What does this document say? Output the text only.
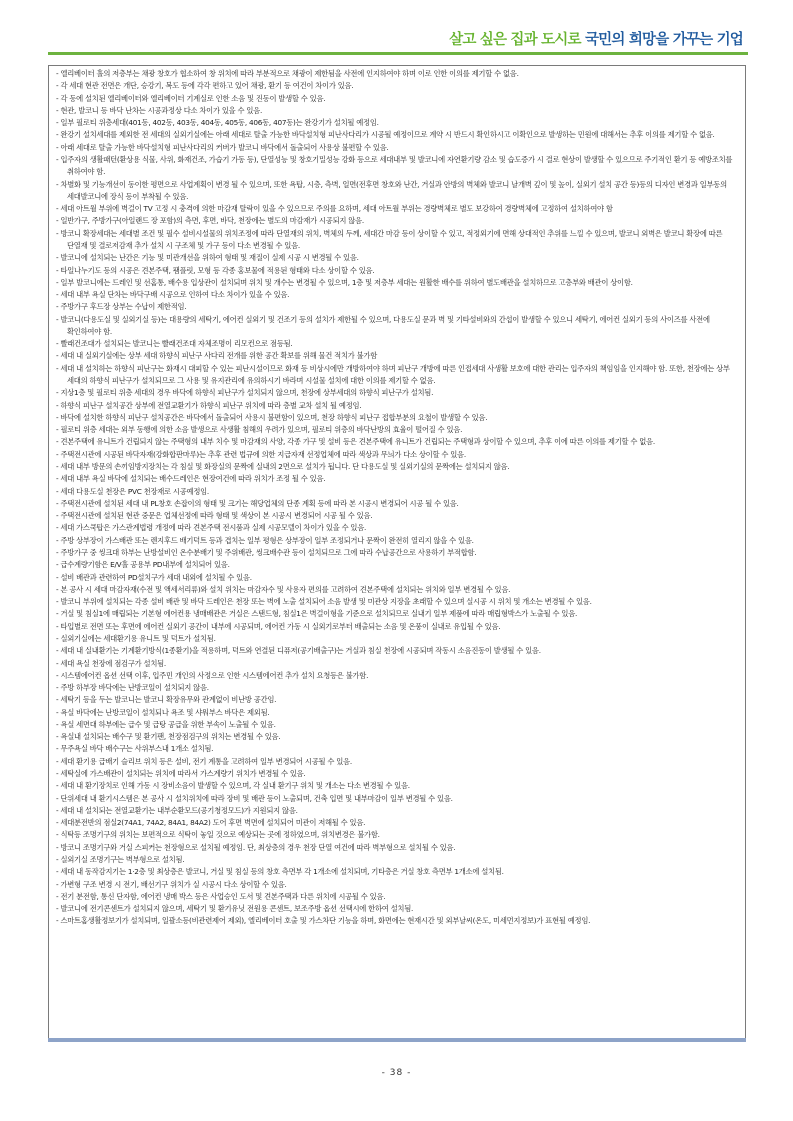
살고 싶은 집과 도시로 국민의 희망을 가꾸는 기업
- 엘리베이터 홀의 저층부는 채광 창호가 협소하여 창 위치에 따라 부분적으로 채광이 제한됨을 사전에 인지하여야 하며 이로 인한 이의를 제기할 수 없음.
- 각 세대 현관 전면은 개단, 승강기, 복도 등에 각각 편하고 있어 채광, 환기 등 여건이 차이가 있음.
- 각 동에 설치된 엘리베이터와 엘리베이터 기계실로 인한 소음 및 진동이 발생할 수 있음.
- 현관, 발코니 등 바닥 난차는 시공과정상 다소 차이가 있을 수 있음.
- 일부 필로티 위층세대(401동, 402동, 403동, 404동, 405동, 406동, 407동)는 완강기가 설치될 예정임.
- 완강기 설치세대를 제외한 전 세대의 실외기실에는 아래 세대로 탈출 가능한 바닥설치형 피난사다리가 시공될 예정이므로 계약 시 반드시 확인하시고 이확인으로 발생하는 민원에 대해서는 추후 이의를 제기할 수 없음.
- 아래 세대로 탈출 가능한 바닥설치형 피난사다리의 커버가 발코니 바닥에서 돌출되어 사용상 불편할 수 있음.
- 입주자의 생활패턴(환상용 식물, 사위, 화재건조, 가습기 가동 등), 단열성능 및 창호기밀성능 강화 등으로 세대내부 및 발코니에 자연환기량 감소 및 습도증가 시 결로 현상이 발생할 수 있으므로 주기적인 환기 등 예방조치를 취하여야 함.
- 차별화 및 기능개선이 동이한 평면으로 사업계획이 변경 될 수 있으며, 또한 욕탑, 시층, 측벽, 일면(전후면 창호와 난간, 거실과 안방의 벽체와 발코니 날개벽 깊이 및 높이, 실외기 설치 공간 등)등의 디자인 변경과 일부동의 세대발코니에 장식 등이 부착될 수 있음.
- 세대 아트월 부위에 벽걸이 TV 고정 시 충격에 의한 마감재 탈락이 있을 수 있으므로 주의를 요하며, 세대 아트월 부위는 경량벽체로 별도 보강하여 경량벽체에 고정하여 설치하여야 함
- 일반가구, 주방가구(아일랜드 장 포함)의 측면, 후면, 바닥, 천장에는 별도의 마감재가 시공되지 않음.
- 방코니 확장세대는 세대별 조건 및 필수 설비시설물의 위치조정에 따라 단열재의 위치, 벽체의 두께, 세대간 마감 등이 상이할 수 있고, 적정외기에 면해 상대적인 추위를 느낄 수 있으며, 발코니 외벽은 발코니 확장에 따른 단열재 및 결로저감재 추가 설치 시 구조체 및 가구 등이 다소 변경될 수 있음.
- 발코니에 설치되는 난간은 기능 및 미관개선을 위하여 형태 및 재질이 실제 시공 시 변경될 수 있음.
- 타일나누기도 등의 시공은 견본주택, 팸플릿, 모형 등 각종 홍보물에 적용된 형태와 다소 상이할 수 있음.
- 일부 발코니에는 드레인 및 선홈통, 배수용 입상관이 설치되며 위치 및 개수는 변경될 수 있으며, 1층 및 저층부 세대는 원활한 배수를 위하여 별도배관을 설치하므로 고층부와 배관이 상이함.
- 세대 내부 욕실 단차는 바닥구배 시공으로 인하여 다소 차이가 있을 수 있음.
- 주방가구 후드장 상부는 수납이 제한적임.
- 발코니(다용도실 및 실외기실 등)는 대용량의 세탁기, 에어컨 실외기 및 건조기 등의 설치가 제한될 수 있으며, 다용도실 문과 벽 및 기타설비와의 간섭이 발생할 수 있으니 세탁기, 에어컨 실외기 등의 사이즈를 사전에 확인하여야 함.
- 빨래건조대가 설치되는 발코니는 빨래건조대 자체조명이 리모컨으로 점등됨.
- 세대 내 실외기실에는 상부 세대 하향식 피난구 사다리 전개를 위한 공간 확보를 위해 물건 적치가 불가함
- 세대 내 설치하는 하향식 피난구는 화재시 대피할 수 있는 피난시설이므로 화재 등 비상시에만 개방하여야 하며 피난구 개방에 따른 인접세대 사생활 보호에 대한 관리는 입주자의 책임임을 인지해야 함. 또한, 천장에는 상부 세대의 하향식 피난구가 설치되므로 그 사용 및 유지관리에 유의하시기 바라며 시설물 설치에 대한 이의를 제기할 수 없음.
- 지상1층 및 필로티 위층 세대의 경우 바닥에 하향식 피난구가 설치되지 않으며, 천장에 상부세대의 하향식 피난구가 설치됨.
- 하향식 피난구 설치공간 상부에 전열교환기가 하향식 피난구 위치에 따라 층별 교차 설치 될 예정임.
- 바닥에 설치한 하향식 피난구 설치공간은 바닥에서 돌출되어 사용시 불편함이 있으며, 천장 하향식 피난구 접합부분의 요철이 발생할 수 있음.
- 필로티 위층 세대는 외부 동행에 의한 소음 발생으로 사생활 침해의 우려가 있으며, 필로티 위층의 바닥난방의 효율이 떨어질 수 있음.
- 견본주택에 유니트가 건립되지 않는 주택형의 내부 치수 및 마감재의 사양, 각종 가구 및 설비 등은 견본주택에 유니트가 건립되는 주택형과 상이할 수 있으며, 추후 이에 따른 이의를 제기할 수 없음.
- 주택전시관에 시공된 바닥자재(강화합판마루)는 추후 관련 법규에 의한 지급자재 선정업체에 따라 색상과 무늬가 다소 상이할 수 있음.
- 세대 내부 방문의 손끼임방지장치는 각 침실 및 화장실의 문짝에 실내의 2면으로 설치가 됩니다. 단 다용도실 및 실외기실의 문짝에는 설치되지 않음.
- 세대 내부 욕실 바닥에 설치되는 배수드레인은 현장여건에 따라 위치가 조정 될 수 있음.
- 세대 다용도실 천장은 PVC 천장재로 시공예정임.
- 주택전시관에 설치된 세대 내 PL창호 손잡이의 형태 및 크기는 해당업체의 단종 계획 등에 따라 본 시공시 변경되어 시공 될 수 있음.
- 주택전시관에 설치된 현관 중문은 업체선정에 따라 형태 및 색상이 본 시공시 변경되어 시공 될 수 있음.
- 세대 가스쿡탑은 가스관계법령 개정에 따라 견본주택 전시품과 실제 시공모델이 차이가 있을 수 있음.
- 주방 상부장이 가스배관 또는 렌지후드 배기덕트 등과 겹치는 일부 평형은 상부장이 일부 조정되거나 문짝이 완전히 열리지 않을 수 있음.
- 주방가구 중 씽크대 하부는 난방설비인 온수분배기 및 주위배관, 씽크배수관 등이 설치되므로 그에 따라 수납공간으로 사용하기 부적합함.
- 급수계량기함은 E/V홀 공용부 PD내부에 설치되어 있음.
- 설비 배관과 관련하여 PD설치구가 세대 내외에 설치될 수 있음.
- 본 공사 시 세대 마감자재(수전 및 액세서리류)와 설치 위치는 마감자수 및 사용자 편의를 고려하여 견본주택에 설치되는 위치와 일부 변경될 수 있음.
- 발코니 부위에 설치되는 각종 설비 배관 및 바닥 드레인은 천장 또는 벽에 노출 설치되어 소음 발생 및 미관상 지장을 초래할 수 있으며 실시공 시 위치 및 개소는 변경될 수 있음.
- 거실 및 침실1에 매립되는 기본형 에어컨용 냉매배관은 거실은 스탠드형, 침실1은 벽걸이형을 기준으로 설치되므로 실내기 일부 제품에 따라 매립형박스가 노출될 수 있음.
- 타입별로 전면 또는 후면에 에어컨 실외기 공간이 내부에 시공되며, 에어컨 가동 시 실외기로부터 배출되는 소음 및 온풍이 실내로 유입될 수 있음.
- 실외기실에는 세대환기용 유니트 및 덕트가 설치됨.
- 세대 내 실내환기는 기계환기방식(1종환기)을 적용하며, 덕트와 연결된 디퓨저(공기배출구)는 거실과 침실 천장에 시공되며 작동시 소음진동이 발생될 수 있음.
- 세대 욕실 천장에 점검구가 설치됨.
- 시스템에어컨 옵션 선택 이후, 입주민 개인의 사정으로 인한 시스템에어컨 추가 설치 요청등은 불가함.
- 주방 하부장 바닥에는 난방코일이 설치되지 않음.
- 세탁기 등을 두는 발코니는 발코니 확장유무와 관계없이 비난방 공간임.
- 욕실 바닥에는 난방코일이 설치되나 욕조 및 샤워부스 바닥은 제외됨.
- 욕실 세면대 하부에는 급수 및 급탕 공급을 위한 부속이 노출될 수 있음.
- 욕실내 설치되는 배수구 및 환기팬, 천장점검구의 위치는 변경될 수 있음.
- 무주욕실 바닥 배수구는 사위부스내 1개소 설치됨.
- 세대 환기용 급배기 슬리브 위치 등은 설비, 전기 계통을 고려하여 일부 변경되어 시공될 수 있음.
- 세탁실에 가스배관이 설치되는 위치에 따라서 가스계량기 위치가 변경될 수 있음.
- 세대 내 환기장치로 인해 가동 시 장비소음이 발생할 수 있으며, 각 실내 환기구 위치 및 개소는 다소 변경될 수 있음.
- 단위세대 내 환기시스템은 본 공사 시 설치위치에 따라 장비 및 배관 등이 노출되며, 건축 입면 및 내부마감이 일부 변경될 수 있음.
- 세대 내 설치되는 전열교환기는 내부순환모드(공기청정모드)가 지원되지 않음.
- 세대분전반의 점실2(74A1, 74A2, 84A1, 84A2) 도어 후면 벽면에 설치되어 미관이 저해될 수 있음.
- 식탁등 조명기구의 위치는 보편적으로 식탁이 놓일 것으로 예상되는 곳에 정하였으며, 위치변경은 불가함.
- 방코니 조명기구와 거실 스피커는 천장형으로 설치될 예정임. 단, 최상층의 경우 천장 단열 여건에 따라 벽부형으로 설치될 수 있음.
- 실외기실 조명기구는 벽부형으로 설치됨.
- 세대 내 동작감지기는 1·2층 및 최상층은 발코니, 거실 및 침실 등의 창호 측면부 각 1개소에 설치되며, 기타층은 거실 창호 측면부 1개소에 설치됨.
- 가변형 구조 변경 시 전기, 배선기구 위치가 실 시공시 다소 상이할 수 있음.
- 전기 분전함, 통신 단자함, 에어컨 냉매 박스 등은 사업승인 도서 및 견본주택과 다른 위치에 시공될 수 있음.
- 발코니에 전기콘센트가 설치되지 않으며, 세탁기 및 환기유닛 전원용 콘센트, 보조주방 옵션 선택시에 한하여 설치됨.
- 스마트홈생활정보기가 설치되며, 일괄소등(비관련제어 제외), 엘리베이터 호출 및 가스차단 기능을 하며, 화면에는 현재시간 및 외부날씨(온도, 미세먼지정보)가 표현될 예정임.
- 38 -
